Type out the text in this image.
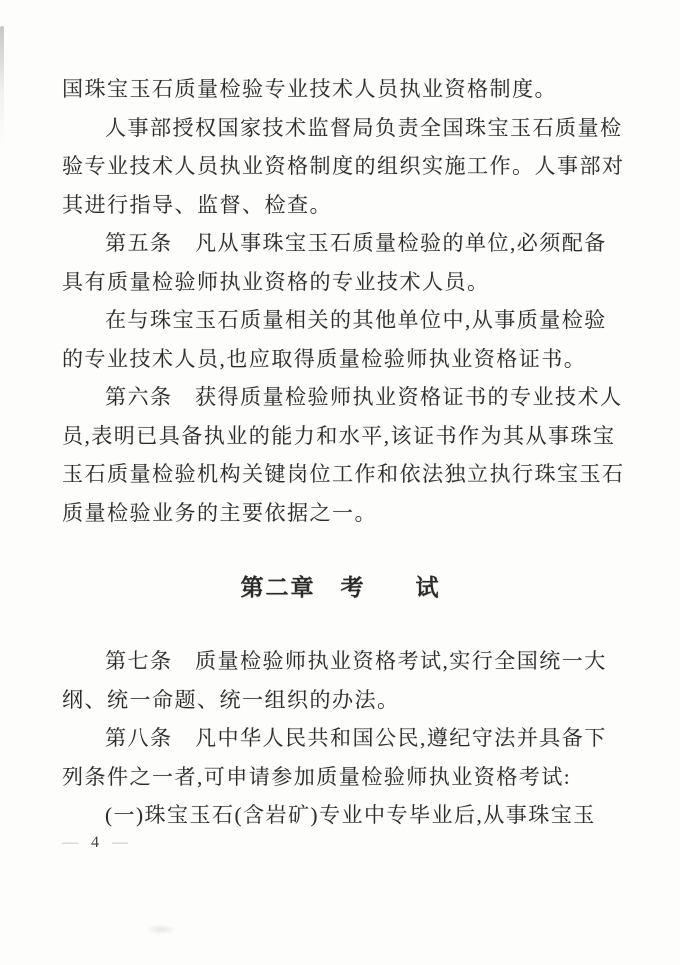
国珠宝玉石质量检验专业技术人员执业资格制度。
人事部授权国家技术监督局负责全国珠宝玉石质量检
验专业技术人员执业资格制度的组织实施工作。人事部对
其进行指导、监督、检查。
第五条　凡从事珠宝玉石质量检验的单位,必须配备
具有质量检验师执业资格的专业技术人员。
在与珠宝玉石质量相关的其他单位中,从事质量检验
的专业技术人员,也应取得质量检验师执业资格证书。
第六条　获得质量检验师执业资格证书的专业技术人
员,表明已具备执业的能力和水平,该证书作为其从事珠宝
玉石质量检验机构关键岗位工作和依法独立执行珠宝玉石
质量检验业务的主要依据之一。
第二章　考　　试
第七条　质量检验师执业资格考试,实行全国统一大
纲、统一命题、统一组织的办法。
第八条　凡中华人民共和国公民,遵纪守法并具备下
列条件之一者,可申请参加质量检验师执业资格考试:
(一)珠宝玉石(含岩矿)专业中专毕业后,从事珠宝玉
— 4 —
